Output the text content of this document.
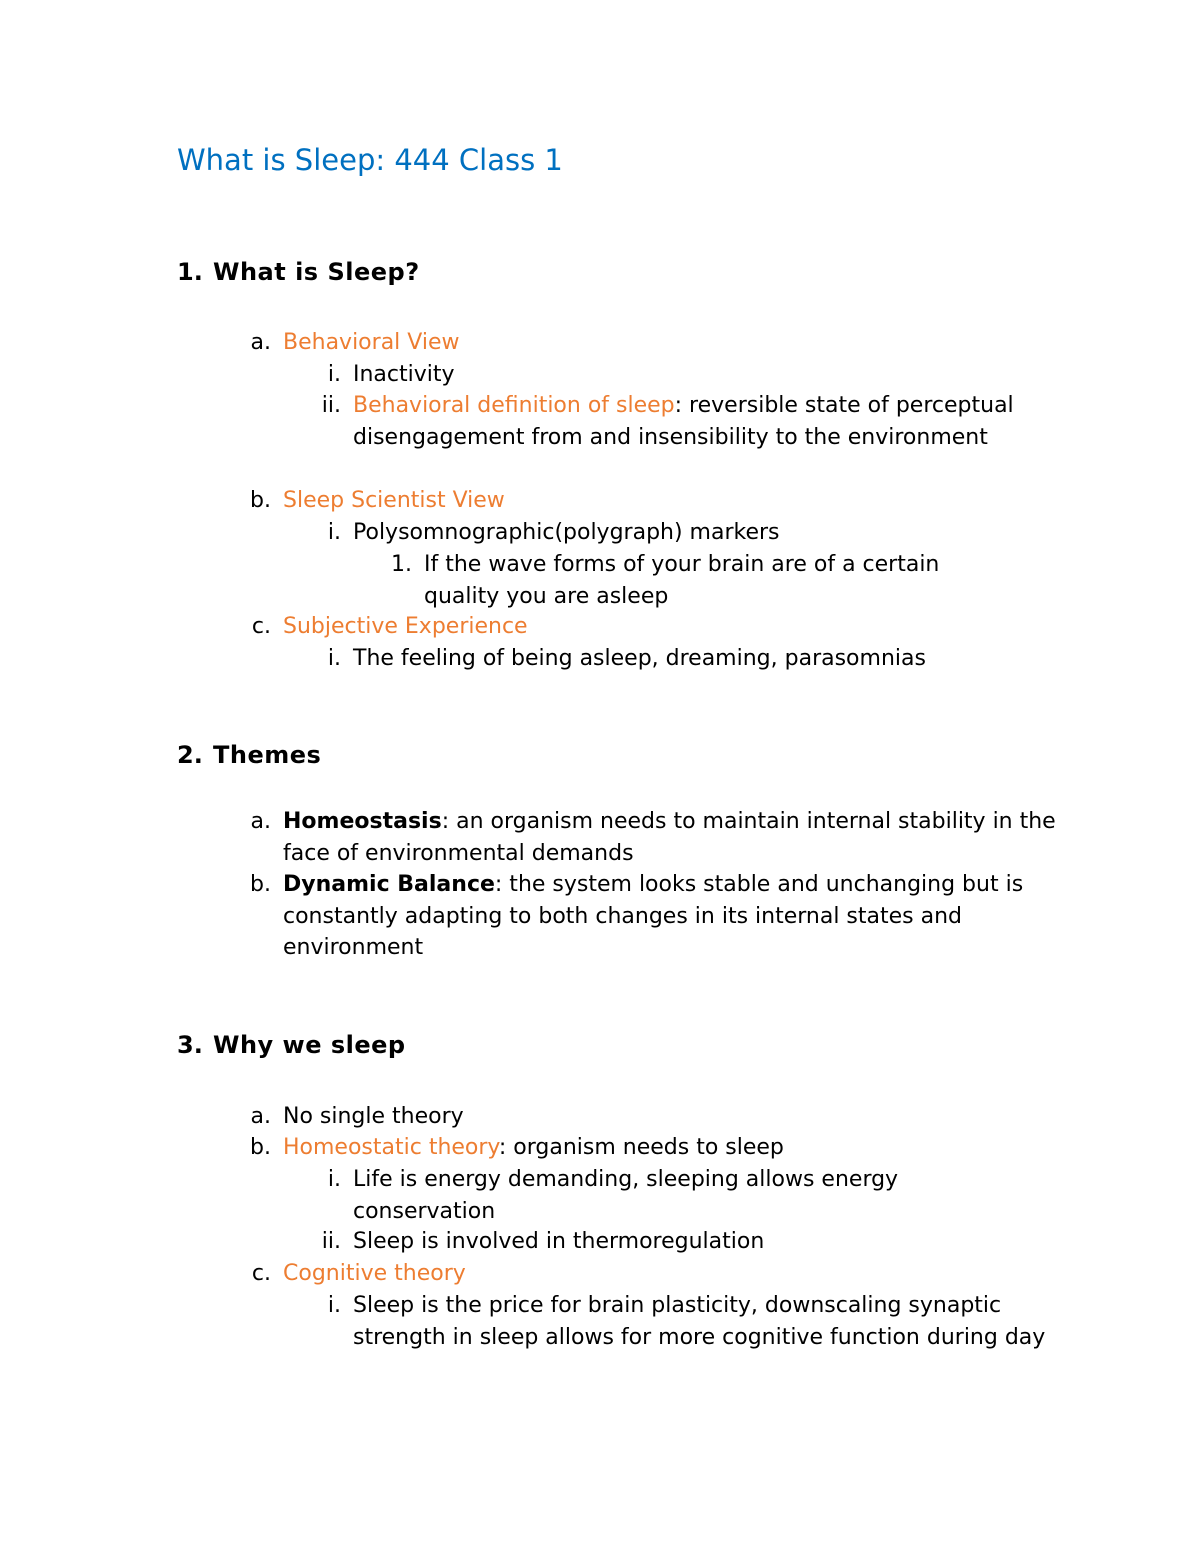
What is Sleep: 444 Class 1
1. What is Sleep?
a. Behavioral View
i. Inactivity
ii. Behavioral definition of sleep: reversible state of perceptual disengagement from and insensibility to the environment
b. Sleep Scientist View
i. Polysomnographic(polygraph) markers
1. If the wave forms of your brain are of a certain quality you are asleep
c. Subjective Experience
i. The feeling of being asleep, dreaming, parasomnias
2. Themes
a. Homeostasis: an organism needs to maintain internal stability in the face of environmental demands
b. Dynamic Balance: the system looks stable and unchanging but is constantly adapting to both changes in its internal states and environment
3. Why we sleep
a. No single theory
b. Homeostatic theory: organism needs to sleep
i. Life is energy demanding, sleeping allows energy conservation
ii. Sleep is involved in thermoregulation
c. Cognitive theory
i. Sleep is the price for brain plasticity, downscaling synaptic strength in sleep allows for more cognitive function during day
